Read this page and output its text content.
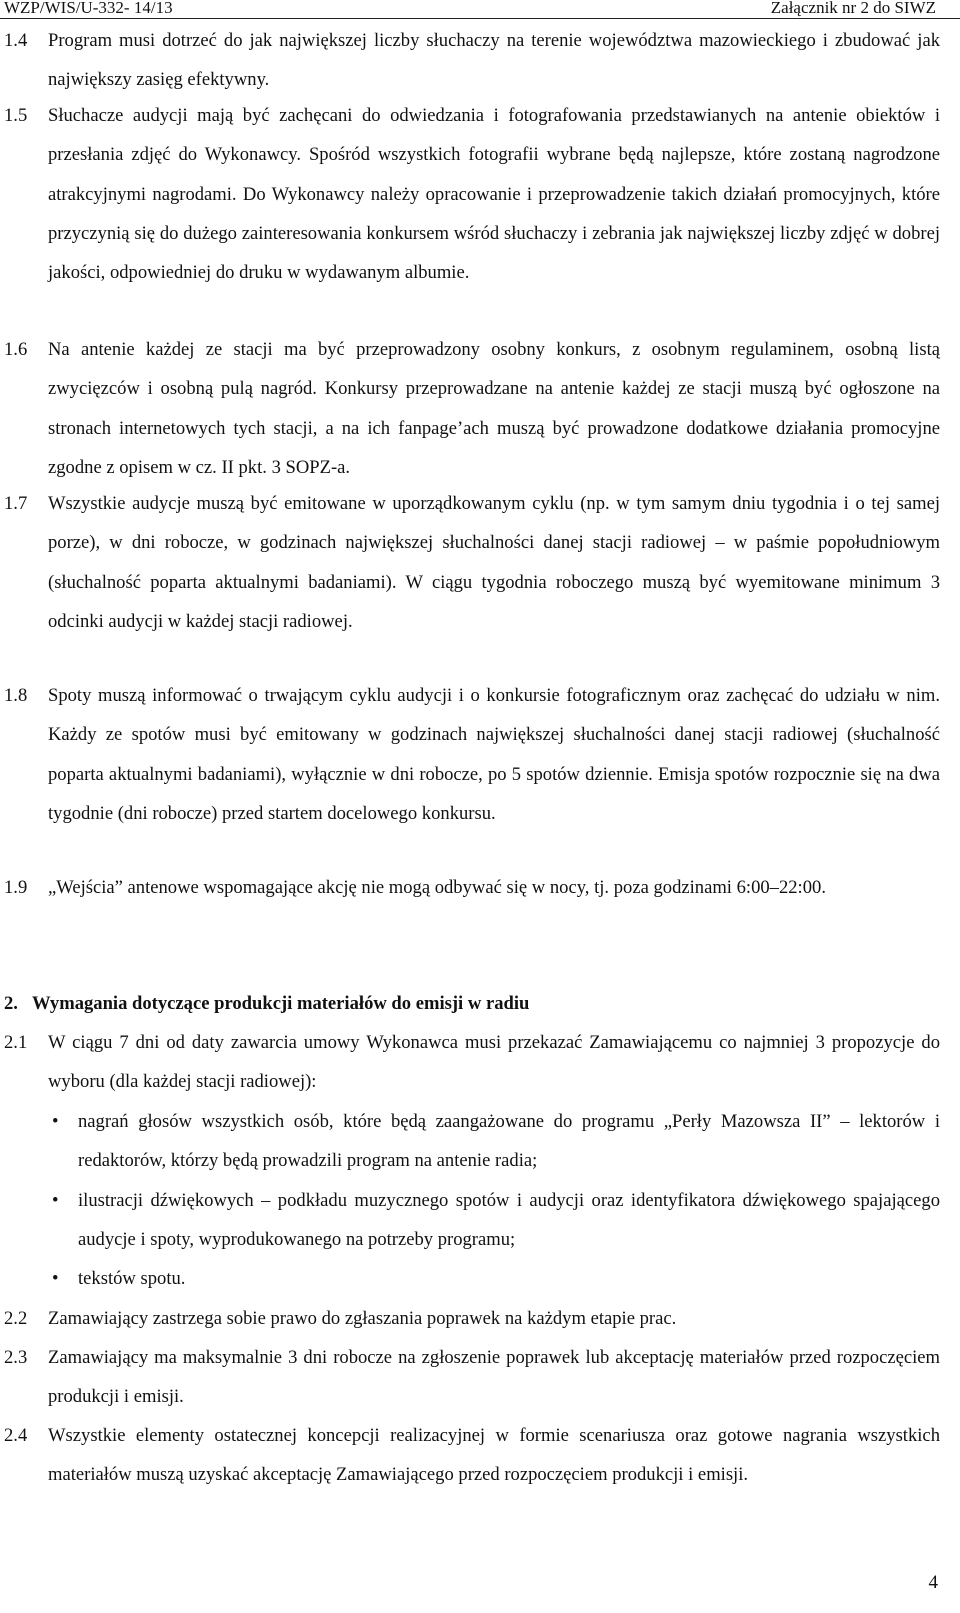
WZP/WIS/U-332- 14/13	Załącznik nr 2 do SIWZ
1.4 Program musi dotrzeć do jak największej liczby słuchaczy na terenie województwa mazowieckiego i zbudować jak największy zasięg efektywny.
1.5 Słuchacze audycji mają być zachęcani do odwiedzania i fotografowania przedstawianych na antenie obiektów i przesłania zdjęć do Wykonawcy. Spośród wszystkich fotografii wybrane będą najlepsze, które zostaną nagrodzone atrakcyjnymi nagrodami. Do Wykonawcy należy opracowanie i przeprowadzenie takich działań promocyjnych, które przyczynią się do dużego zainteresowania konkursem wśród słuchaczy i zebrania jak największej liczby zdjęć w dobrej jakości, odpowiedniej do druku w wydawanym albumie.
1.6 Na antenie każdej ze stacji ma być przeprowadzony osobny konkurs, z osobnym regulaminem, osobną listą zwycięzców i osobną pulą nagród. Konkursy przeprowadzane na antenie każdej ze stacji muszą być ogłoszone na stronach internetowych tych stacji, a na ich fanpage’ach muszą być prowadzone dodatkowe działania promocyjne zgodne z opisem w cz. II pkt. 3 SOPZ-a.
1.7 Wszystkie audycje muszą być emitowane w uporządkowanym cyklu (np. w tym samym dniu tygodnia i o tej samej porze), w dni robocze, w godzinach największej słuchalności danej stacji radiowej – w paśmie popołudniowym (słuchalność poparta aktualnymi badaniami). W ciągu tygodnia roboczego muszą być wyemitowane minimum 3 odcinki audycji w każdej stacji radiowej.
1.8 Spoty muszą informować o trwającym cyklu audycji i o konkursie fotograficznym oraz zachęcać do udziału w nim. Każdy ze spotów musi być emitowany w godzinach największej słuchalności danej stacji radiowej (słuchalność poparta aktualnymi badaniami), wyłącznie w dni robocze, po 5 spotów dziennie. Emisja spotów rozpocznie się na dwa tygodnie (dni robocze) przed startem docelowego konkursu.
1.9 „Wejścia” antenowe wspomagające akcję nie mogą odbywać się w nocy, tj. poza godzinami 6:00–22:00.
2. Wymagania dotyczące produkcji materiałów do emisji w radiu
2.1 W ciągu 7 dni od daty zawarcia umowy Wykonawca musi przekazać Zamawiającemu co najmniej 3 propozycje do wyboru (dla każdej stacji radiowej):
• nagrań głosów wszystkich osób, które będą zaangażowane do programu „Perły Mazowsza II” – lektorów i redaktorów, którzy będą prowadzili program na antenie radia;
• ilustracji dźwiękowych – podkładu muzycznego spotów i audycji oraz identyfikatora dźwiękowego spajającego audycje i spoty, wyprodukowanego na potrzeby programu;
• tekstów spotu.
2.2 Zamawiający zastrzega sobie prawo do zgłaszania poprawek na każdym etapie prac.
2.3 Zamawiający ma maksymalnie 3 dni robocze na zgłoszenie poprawek lub akceptację materiałów przed rozpoczęciem produkcji i emisji.
2.4 Wszystkie elementy ostatecznej koncepcji realizacyjnej w formie scenariusza oraz gotowe nagrania wszystkich materiałów muszą uzyskać akceptację Zamawiającego przed rozpoczęciem produkcji i emisji.
4
